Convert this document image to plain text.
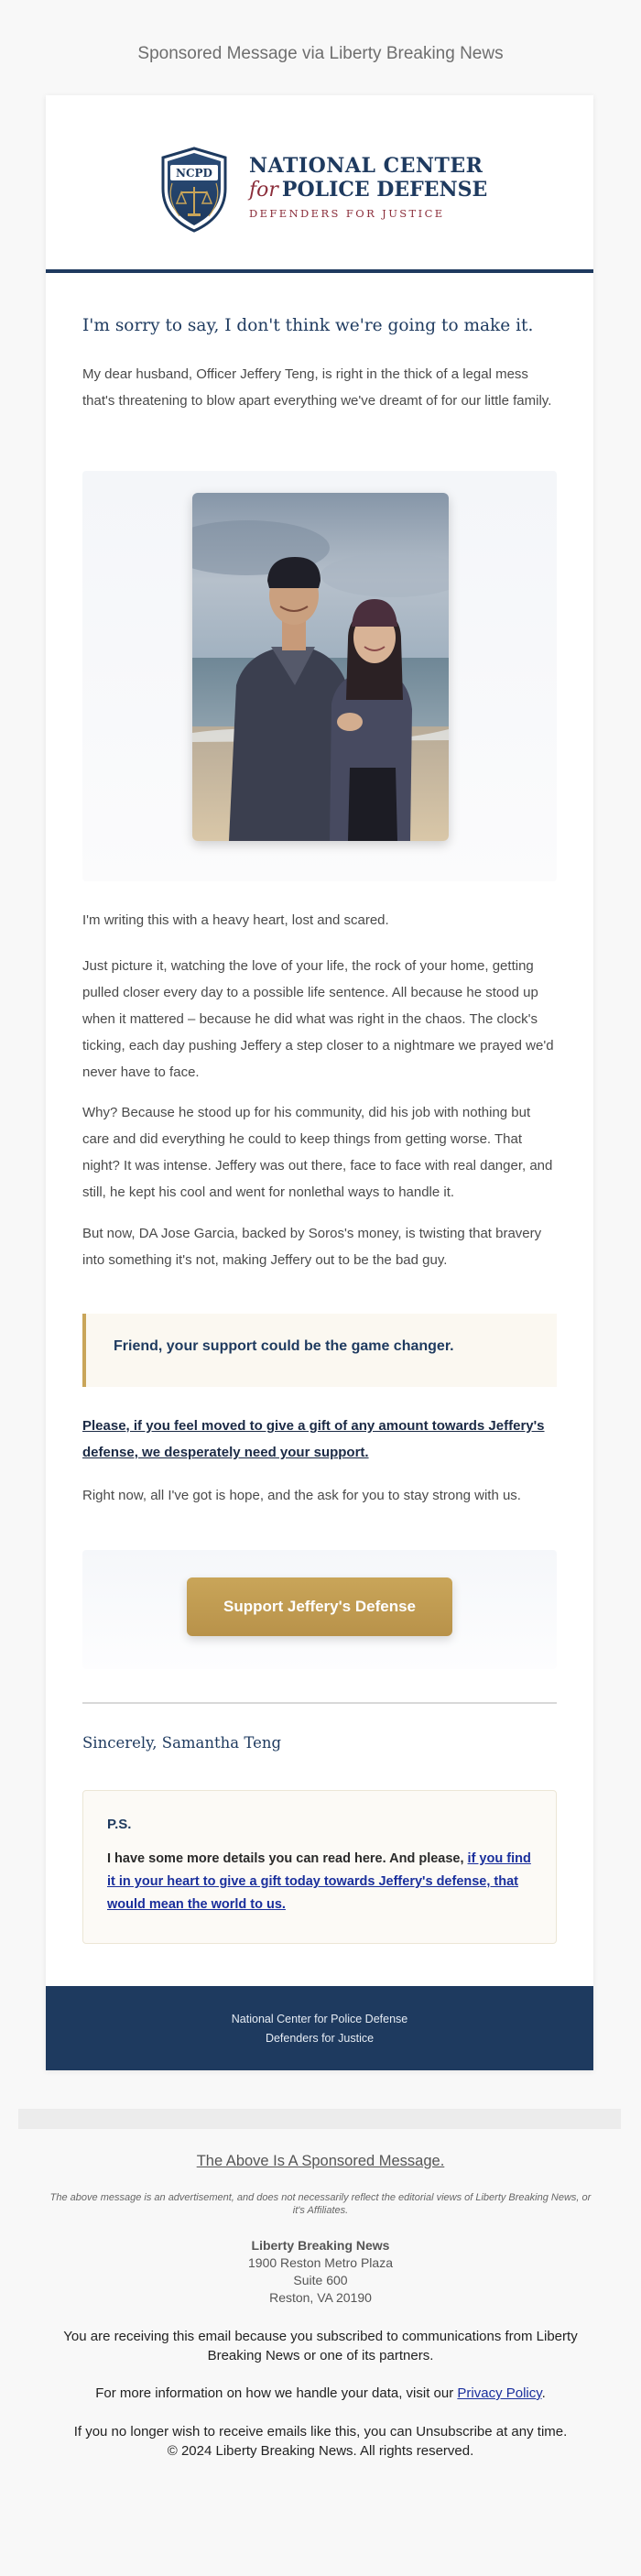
Sponsored Message via Liberty Breaking News
NCPD NATIONAL CENTER
for POLICE DEFENSE
DEFENDERS FOR JUSTICE
I'm sorry to say, I don't think we're going to make it.
My dear husband, Officer Jeffery Teng, is right in the thick of a legal mess that's threatening to blow apart everything we've dreamt of for our little family.
I'm writing this with a heavy heart, lost and scared.
Just picture it, watching the love of your life, the rock of your home, getting pulled closer every day to a possible life sentence. All because he stood up when it mattered – because he did what was right in the chaos. The clock's ticking, each day pushing Jeffery a step closer to a nightmare we prayed we'd never have to face.
Why? Because he stood up for his community, did his job with nothing but care and did everything he could to keep things from getting worse. That night? It was intense. Jeffery was out there, face to face with real danger, and still, he kept his cool and went for nonlethal ways to handle it.
But now, DA Jose Garcia, backed by Soros's money, is twisting that bravery into something it's not, making Jeffery out to be the bad guy.
Friend, your support could be the game changer.
Please, if you feel moved to give a gift of any amount towards Jeffery's defense, we desperately need your support.
Right now, all I've got is hope, and the ask for you to stay strong with us.
Support Jeffery's Defense
Sincerely, Samantha Teng
P.S.
I have some more details you can read here. And please, if you find it in your heart to give a gift today towards Jeffery's defense, that would mean the world to us.
National Center for Police Defense
Defenders for Justice
The Above Is A Sponsored Message.
The above message is an advertisement, and does not necessarily reflect the editorial views of Liberty Breaking News, or it's Affiliates.
Liberty Breaking News
1900 Reston Metro Plaza
Suite 600
Reston, VA 20190
You are receiving this email because you subscribed to communications from Liberty Breaking News or one of its partners.
For more information on how we handle your data, visit our Privacy Policy.
If you no longer wish to receive emails like this, you can Unsubscribe at any time.
© 2024 Liberty Breaking News. All rights reserved.
